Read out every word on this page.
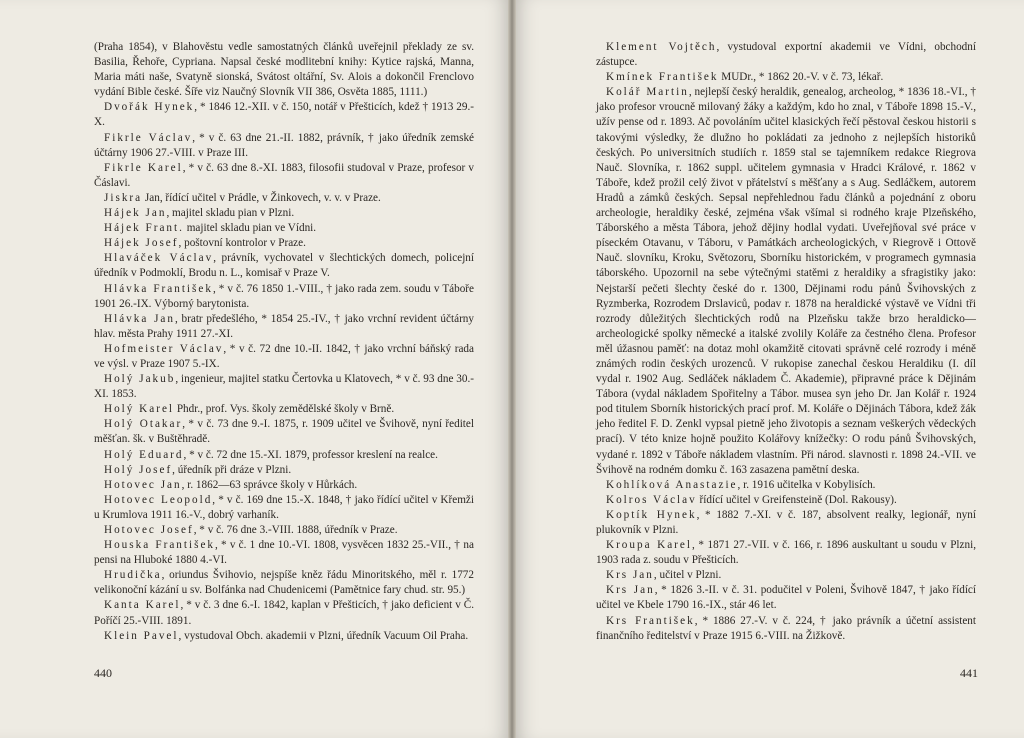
(Praha 1854), v Blahověstu vedle samostatných článků uveřejnil překlady ze sv. Basilia, Řehoře, Cypriana. Napsal české modlitební knihy: Kytice rajská, Manna, Maria máti naše, Svatyně sionská, Svátost oltářní, Sv. Alois a dokončil Frenclovo vydání Bible české. Šíře viz Naučný Slovník VII 386, Osvěta 1885, 1111.)

Dvořák Hynek, * 1846 12.-XII. v č. 150, notář v Přešticích, kdež † 1913 29.-X.

Fikrle Václav, * v č. 63 dne 21.-II. 1882, právník, † jako úředník zemské účtárny 1906 27.-VIII. v Praze III.

Fikrle Karel, * v č. 63 dne 8.-XI. 1883, filosofii studoval v Praze, profesor v Čáslavi.

Jiskra Jan, řídící učitel v Prádle, v Žinkovech, v. v. v Praze.

Hájek Jan, majitel skladu pian v Plzni.

Hájek Frant. majitel skladu pian ve Vídni.

Hájek Josef, poštovní kontrolor v Praze.

Hlaváček Václav, právník, vychovatel v šlechtických domech, policejní úředník v Podmoklí, Brodu n. L., komisař v Praze V.

Hlávka František, * v č. 76 1850 1.-VIII., † jako rada zem. soudu v Táboře 1901 26.-IX. Výborný barytonista.

Hlávka Jan, bratr předešlého, * 1854 25.-IV., † jako vrchní revident účtárny hlav. města Prahy 1911 27.-XI.

Hofmeister Václav, * v č. 72 dne 10.-II. 1842, † jako vrchní báňský rada ve výsl. v Praze 1907 5.-IX.

Holý Jakub, ingenieur, majitel statku Čertovka u Klatovech, * v č. 93 dne 30.-XI. 1853.

Holý Karel Phdr., prof. Vys. školy zemědělské školy v Brně.

Holý Otakar, * v č. 73 dne 9.-I. 1875, r. 1909 učitel ve Švihově, nyní ředitel měšťan. šk. v Buštěhradě.

Holý Eduard, * v č. 72 dne 15.-XI. 1879, professor kreslení na realce.

Holý Josef, úředník při dráze v Plzni.

Hotovec Jan, r. 1862—63 správce školy v Hůrkách.

Hotovec Leopold, * v č. 169 dne 15.-X. 1848, † jako řídící učitel v Křemži u Krumlova 1911 16.-V., dobrý varhaník.

Hotovec Josef, * v č. 76 dne 3.-VIII. 1888, úředník v Praze.

Houska František, * v č. 1 dne 10.-VI. 1808, vysvěcen 1832 25.-VII., † na pensi na Hluboké 1880 4.-VI.

Hrudička, oriundus Švihovio, nejspíše kněz řádu Minoritského, měl r. 1772 velikonoční kázání u sv. Bolfánka nad Chudenicemi (Pamětnice fary chud. str. 95.)

Kanta Karel, * v č. 3 dne 6.-I. 1842, kaplan v Přešticích, † jako deficient v Č. Poříčí 25.-VIII. 1891.

Klein Pavel, vystudoval Obch. akademii v Plzni, úředník Vacuum Oil Praha.

440

Klement Vojtěch, vystudoval exportní akademii ve Vídni, obchodní zástupce.

Kmínek František MUDr., * 1862 20.-V. v č. 73, lékař.

Kolář Martin, nejlepší český heraldik, genealog, archeolog, * 1836 18.-VI., † jako profesor vroucně milovaný žáky a každým, kdo ho znal, v Táboře 1898 15.-V., užív pense od r. 1893. Ač povoláním učitel klasických řečí pěstoval českou historii s takovými výsledky, že dlužno ho pokládati za jednoho z nejlepších historiků českých. Po universitních studiích r. 1859 stal se tajemníkem redakce Riegrova Nauč. Slovníka, r. 1862 suppl. učitelem gymnasia v Hradci Králové, r. 1862 v Táboře, kdež prožil celý život v přátelství s měšťany a s Aug. Sedláčkem, autorem Hradů a zámků českých. Sepsal nepřehlednou řadu článků a pojednání z oboru archeologie, heraldiky české, zejména však všímal si rodného kraje Plzeňského, Táborského a města Tábora, jehož dějiny hodlal vydati. Uveřejňoval své práce v píseckém Otavanu, v Táboru, v Památkách archeologických, v Riegrově i Ottově Nauč. slovníku, Kroku, Světozoru, Sborníku historickém, v programech gymnasia táborského. Upozornil na sebe výtečnými statěmi z heraldiky a sfragistiky jako: Nejstarší pečeti šlechty české do r. 1300, Dějinami rodu pánů Švihovských z Ryzmberka, Rozrodem Drslaviců, podav r. 1878 na heraldické výstavě ve Vídni tři rozrody důležitých šlechtických rodů na Plzeňsku takže brzo heraldicko—archeologické spolky německé a italské zvolily Koláře za čestného člena. Profesor měl úžasnou paměť: na dotaz mohl okamžitě citovati správně celé rozrody i méně známých rodin českých urozenců. V rukopise zanechal českou Heraldiku (I. díl vydal r. 1902 Aug. Sedláček nákladem Č. Akademie), připravné práce k Dějinám Tábora (vydal nákladem Spořitelny a Tábor. musea syn jeho Dr. Jan Kolář r. 1924 pod titulem Sborník historických prací prof. M. Koláře o Dějinách Tábora, kdež žák jeho ředitel F. D. Zenkl vypsal pietně jeho životopis a seznam veškerých vědeckých prací). V této knize hojně použito Kolářovy knížečky: O rodu pánů Švihovských, vydané r. 1892 v Táboře nákladem vlastním. Při národ. slavnosti r. 1898 24.-VII. ve Švihově na rodném domku č. 163 zasazena pamětní deska.

Kohlíková Anastazie, r. 1916 učitelka v Kobylisích.

Kolros Václav řídící učitel v Greifensteině (Dol. Rakousy).

Koptík Hynek, * 1882 7.-XI. v č. 187, absolvent realky, legionář, nyní plukovník v Plzni.

Kroupa Karel, * 1871 27.-VII. v č. 166, r. 1896 auskultant u soudu v Plzni, 1903 rada z. soudu v Přešticích.

Krs Jan, učitel v Plzni.

Krs Jan, * 1826 3.-II. v č. 31. podučitel v Poleni, Švihově 1847, † jako řídící učitel ve Kbele 1790 16.-IX., stár 46 let.

Krs František, * 1886 27.-V. v č. 224, † jako právník a účetní assistent finančního ředitelství v Praze 1915 6.-VIII. na Žižkově.

441
